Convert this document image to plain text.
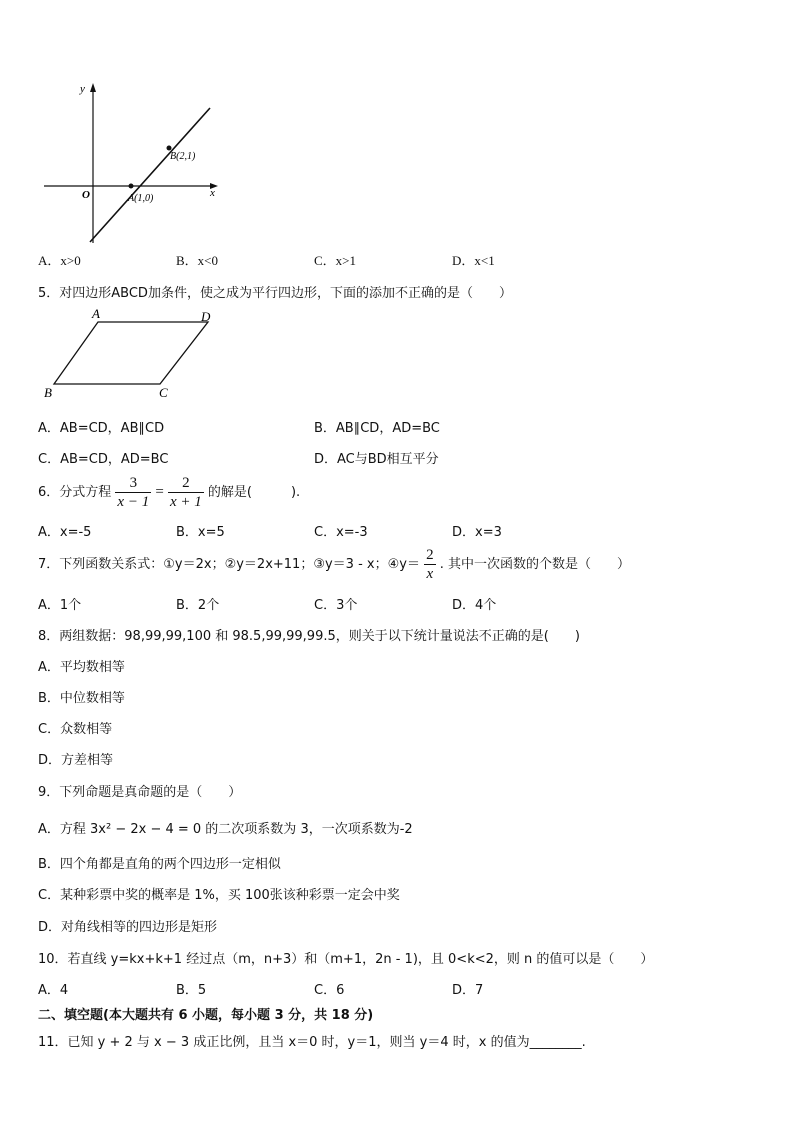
y
x
O	A(1,0)
B(2,1)
A．x>0	B．x<0	C．x>1	D．x<1
5．对四边形ABCD加条件，使之成为平行四边形，下面的添加不正确的是（　　）
A	D
B	C
A．AB=CD，AB∥CD	B．AB∥CD，AD=BC
C．AB=CD，AD=BC	D．AC与BD相互平分
6．分式方程 $\frac{3}{x - 1} = \frac{2}{x + 1}$ 的解是(　　　).
A．x=-5	B．x=5	C．x=-3	D．x=3
7．下列函数关系式：①y＝2x；②y＝2x+11；③y＝3 - x；④y＝ $\frac{2}{x}$ . 其中一次函数的个数是（　　）
A．1个	B．2个	C．3个	D．4个
8．两组数据：98,99,99,100 和 98.5,99,99,99.5，则关于以下统计量说法不正确的是(　　)
A．平均数相等
B．中位数相等
C．众数相等
D．方差相等
9．下列命题是真命题的是（　　）
A．方程 3x² − 2x − 4 = 0 的二次项系数为 3，一次项系数为-2
B．四个角都是直角的两个四边形一定相似
C．某种彩票中奖的概率是 1%，买 100张该种彩票一定会中奖
D．对角线相等的四边形是矩形
10．若直线 y=kx+k+1 经过点（m，n+3）和（m+1，2n - 1)，且 0<k<2，则 n 的值可以是（　　）
A．4	B．5	C．6	D．7
二、填空题(本大题共有 6 小题，每小题 3 分，共 18 分)
11．已知 y + 2 与 x − 3 成正比例，且当 x＝0 时，y＝1，则当 y＝4 时，x 的值为________.
